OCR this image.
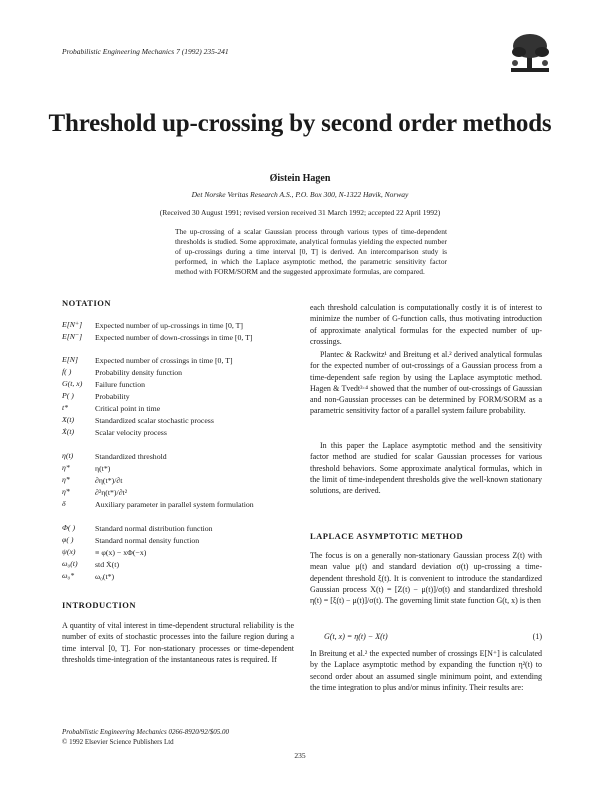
Probabilistic Engineering Mechanics 7 (1992) 235-241
Threshold up-crossing by second order methods
Øistein Hagen
Det Norske Veritas Research A.S., P.O. Box 300, N-1322 Høvik, Norway
(Received 30 August 1991; revised version received 31 March 1992; accepted 22 April 1992)
The up-crossing of a scalar Gaussian process through various types of time-dependent thresholds is studied. Some approximate, analytical formulas yielding the expected number of up-crossings during a time interval [0, T] is derived. An intercomparison study is performed, in which the Laplace asymptotic method, the parametric sensitivity factor method with FORM/SORM and the suggested approximate formulas, are compared.
NOTATION
E[N⁺] Expected number of up-crossings in time [0, T]
E[N⁻] Expected number of down-crossings in time [0, T]
E[N] Expected number of crossings in time [0, T]
f( )	Probability density function
G(t, x) Failure function
P( )	Probability
t*	Critical point in time
X(t)	Standardized scalar stochastic process
Ẋ(t)	Scalar velocity process
η(t)	Standardized threshold
η*	η(t*)
η̇*	∂η(t*)/∂t
η̈*	∂²η(t*)/∂t²
δ	Auxiliary parameter in parallel system formulation
Φ( )	Standard normal distribution function
φ( )	Standard normal density function
ψ(x)	≡ φ(x) − xΦ(−x)
ω₀(t) std Ẋ(t)
ω₀*	ω₀(t*)
INTRODUCTION
A quantity of vital interest in time-dependent structural reliability is the number of exits of stochastic processes into the failure region during a time interval [0, T]. For non-stationary processes or time-dependent thresholds time-integration of the instantaneous rates is required. If
each threshold calculation is computationally costly it is of interest to minimize the number of G-function calls, thus motivating introduction of approximate analytical formulas for the expected number of up-crossings.
Plantec & Rackwitz¹ and Breitung et al.² derived analytical formulas for the expected number of out-crossings of a Gaussian process from a time-dependent safe region by using the Laplace asymptotic method. Hagen & Tvedt³·⁴ showed that the number of out-crossings of Gaussian and non-Gaussian processes can be determined by FORM/SORM as a parametric sensitivity factor of a parallel system failure probability.
In this paper the Laplace asymptotic method and the sensitivity factor method are studied for scalar Gaussian processes for various threshold behaviors. Some approximate analytical formulas, which in the limit of time-independent thresholds give the well-known stationary solutions, are derived.
LAPLACE ASYMPTOTIC METHOD
The focus is on a generally non-stationary Gaussian process Z(t) with mean value μ(t) and standard deviation σ(t) up-crossing a time-dependent threshold ξ(t). It is convenient to introduce the standardized Gaussian process X(t) = [Z(t) − μ(t)]/σ(t) and standardized threshold η(t) = [ξ(t) − μ(t)]/σ(t). The governing limit state function G(t, x) is then
G(t, x) = η(t) − X(t)	(1)
In Breitung et al.² the expected number of crossings E[N⁺] is calculated by the Laplace asymptotic method by expanding the function η²(t) to second order about an assumed single minimum point, and extending the time integration to plus and/or minus infinity. Their results are:
Probabilistic Engineering Mechanics 0266-8920/92/$05.00
© 1992 Elsevier Science Publishers Ltd
235
